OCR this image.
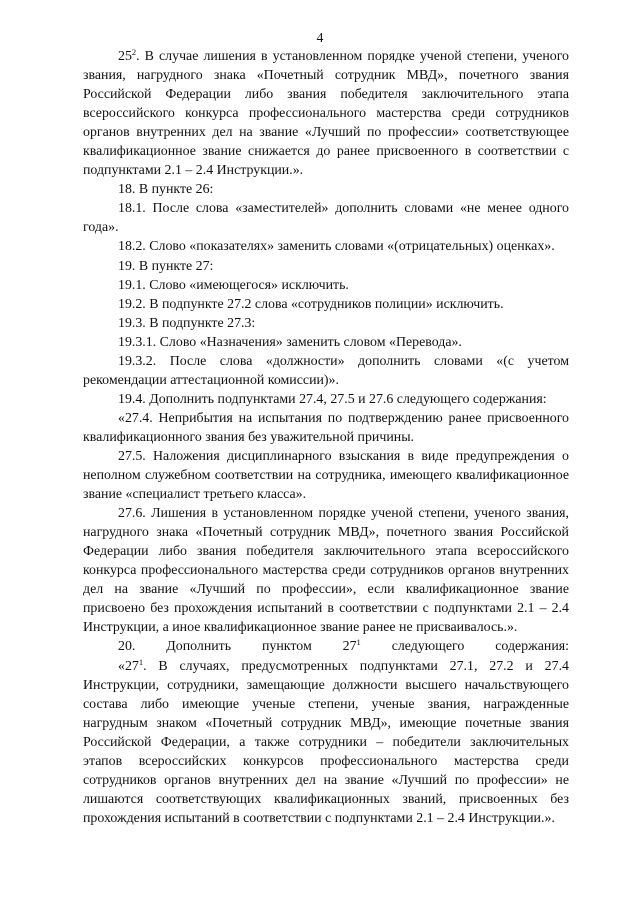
4

$25^2$. В случае лишения в установленном порядке ученой степени, ученого звания, нагрудного знака «Почетный сотрудник МВД», почетного звания Российской Федерации либо звания победителя заключительного этапа всероссийского конкурса профессионального мастерства среди сотрудников органов внутренних дел на звание «Лучший по профессии» соответствующее квалификационное звание снижается до ранее присвоенного в соответствии с подпунктами 2.1 – 2.4 Инструкции.».

18. В пункте 26:

18.1. После слова «заместителей» дополнить словами «не менее одного года».

18.2. Слово «показателях» заменить словами «(отрицательных) оценках».

19. В пункте 27:

19.1. Слово «имеющегося» исключить.

19.2. В подпункте 27.2 слова «сотрудников полиции» исключить.

19.3. В подпункте 27.3:

19.3.1. Слово «Назначения» заменить словом «Перевода».

19.3.2. После слова «должности» дополнить словами «(с учетом рекомендации аттестационной комиссии)».

19.4. Дополнить подпунктами 27.4, 27.5 и 27.6 следующего содержания:

«27.4. Неприбытия на испытания по подтверждению ранее присвоенного квалификационного звания без уважительной причины.

27.5. Наложения дисциплинарного взыскания в виде предупреждения о неполном служебном соответствии на сотрудника, имеющего квалификационное звание «специалист третьего класса».

27.6. Лишения в установленном порядке ученой степени, ученого звания, нагрудного знака «Почетный сотрудник МВД», почетного звания Российской Федерации либо звания победителя заключительного этапа всероссийского конкурса профессионального мастерства среди сотрудников органов внутренних дел на звание «Лучший по профессии», если квалификационное звание присвоено без прохождения испытаний в соответствии с подпунктами 2.1 – 2.4 Инструкции, а иное квалификационное звание ранее не присваивалось.».

20. Дополнить пунктом $27^1$ следующего содержания:

«$27^1$. В случаях, предусмотренных подпунктами 27.1, 27.2 и 27.4 Инструкции, сотрудники, замещающие должности высшего начальствующего состава либо имеющие ученые степени, ученые звания, награжденные нагрудным знаком «Почетный сотрудник МВД», имеющие почетные звания Российской Федерации, а также сотрудники – победители заключительных этапов всероссийских конкурсов профессионального мастерства среди сотрудников органов внутренних дел на звание «Лучший по профессии» не лишаются соответствующих квалификационных званий, присвоенных без прохождения испытаний в соответствии с подпунктами 2.1 – 2.4 Инструкции.».
